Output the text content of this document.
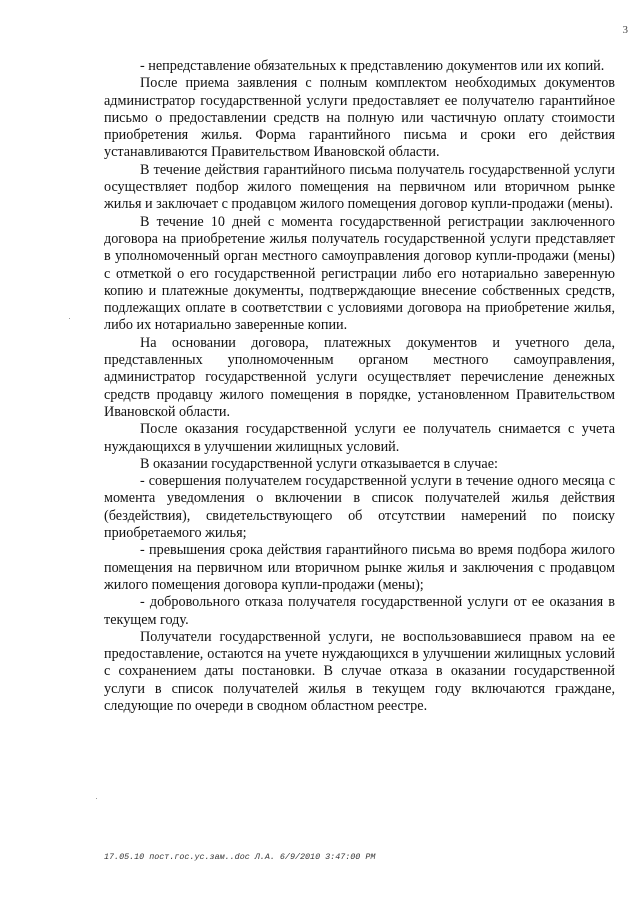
3

- непредставление обязательных к представлению документов или их копий.

После приема заявления с полным комплектом необходимых документов администратор государственной услуги предоставляет ее получателю гарантийное письмо о предоставлении средств на полную или частичную оплату стоимости приобретения жилья. Форма гарантийного письма и сроки его действия устанавливаются Правительством Ивановской области.

В течение действия гарантийного письма получатель государственной услуги осуществляет подбор жилого помещения на первичном или вторичном рынке жилья и заключает с продавцом жилого помещения договор купли-продажи (мены).

В течение 10 дней с момента государственной регистрации заключенного договора на приобретение жилья получатель государственной услуги представляет в уполномоченный орган местного самоуправления договор купли-продажи (мены) с отметкой о его государственной регистрации либо его нотариально заверенную копию и платежные документы, подтверждающие внесение собственных средств, подлежащих оплате в соответствии с условиями договора на приобретение жилья, либо их нотариально заверенные копии.

На основании договора, платежных документов и учетного дела, представленных уполномоченным органом местного самоуправления, администратор государственной услуги осуществляет перечисление денежных средств продавцу жилого помещения в порядке, установленном Правительством Ивановской области.

После оказания государственной услуги ее получатель снимается с учета нуждающихся в улучшении жилищных условий.

В оказании государственной услуги отказывается в случае:

- совершения получателем государственной услуги в течение одного месяца с момента уведомления о включении в список получателей жилья действия (бездействия), свидетельствующего об отсутствии намерений по поиску приобретаемого жилья;

- превышения срока действия гарантийного письма во время подбора жилого помещения на первичном или вторичном рынке жилья и заключения с продавцом жилого помещения договора купли-продажи (мены);

- добровольного отказа получателя государственной услуги от ее оказания в текущем году.

Получатели государственной услуги, не воспользовавшиеся правом на ее предоставление, остаются на учете нуждающихся в улучшении жилищных условий с сохранением даты постановки. В случае отказа в оказании государственной услуги в список получателей жилья в текущем году включаются граждане, следующие по очереди в сводном областном реестре.

17.05.10 пост.гос.ус.зам..doc Л.А. 6/9/2010 3:47:00 PM
